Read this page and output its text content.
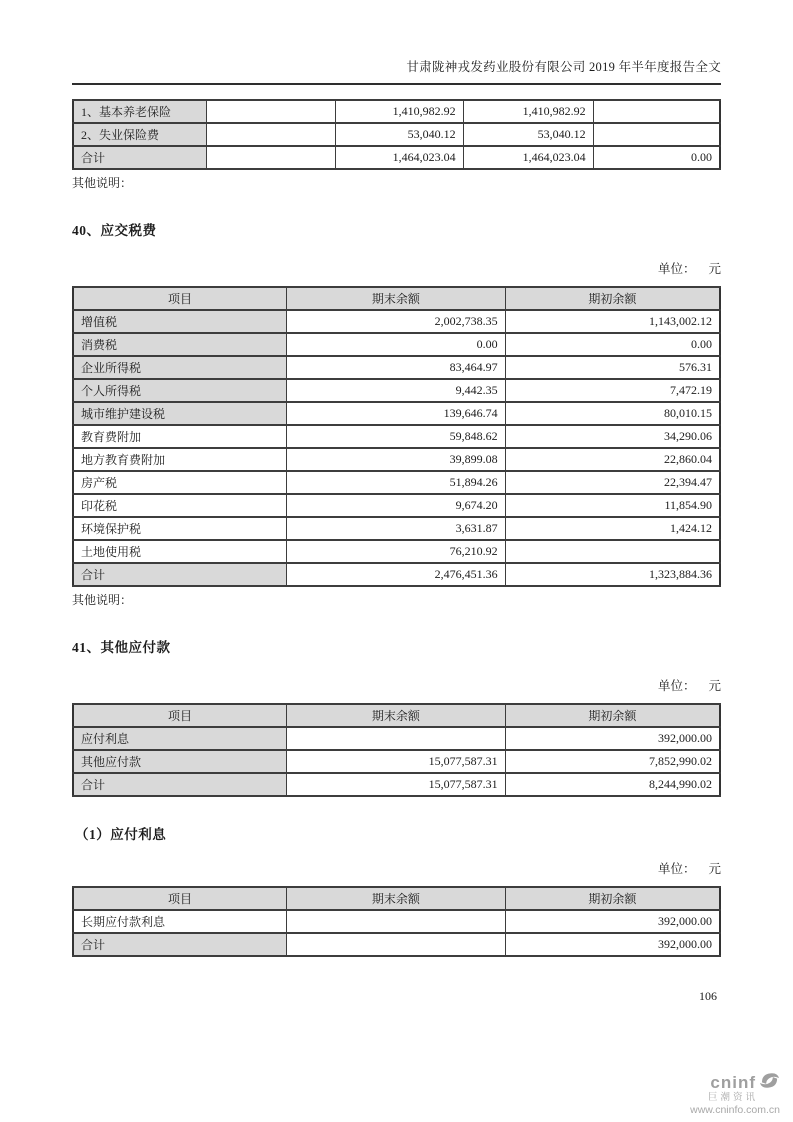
甘肃陇神戎发药业股份有限公司 2019 年半年度报告全文
1、基本养老保险		1,410,982.92	1,410,982.92	
2、失业保险费		53,040.12	53,040.12	
合计		1,464,023.04	1,464,023.04	0.00
其他说明：
40、应交税费
单位： 元
项目	期末余额	期初余额
增值税	2,002,738.35	1,143,002.12
消费税	0.00	0.00
企业所得税	83,464.97	576.31
个人所得税	9,442.35	7,472.19
城市维护建设税	139,646.74	80,010.15
教育费附加	59,848.62	34,290.06
地方教育费附加	39,899.08	22,860.04
房产税	51,894.26	22,394.47
印花税	9,674.20	11,854.90
环境保护税	3,631.87	1,424.12
土地使用税	76,210.92	
合计	2,476,451.36	1,323,884.36
其他说明：
41、其他应付款
单位： 元
项目	期末余额	期初余额
应付利息		392,000.00
其他应付款	15,077,587.31	7,852,990.02
合计	15,077,587.31	8,244,990.02
（1）应付利息
单位： 元
项目	期末余额	期初余额
长期应付款利息		392,000.00
合计		392,000.00
106
cninf
巨潮资讯
www.cninfo.com.cn
